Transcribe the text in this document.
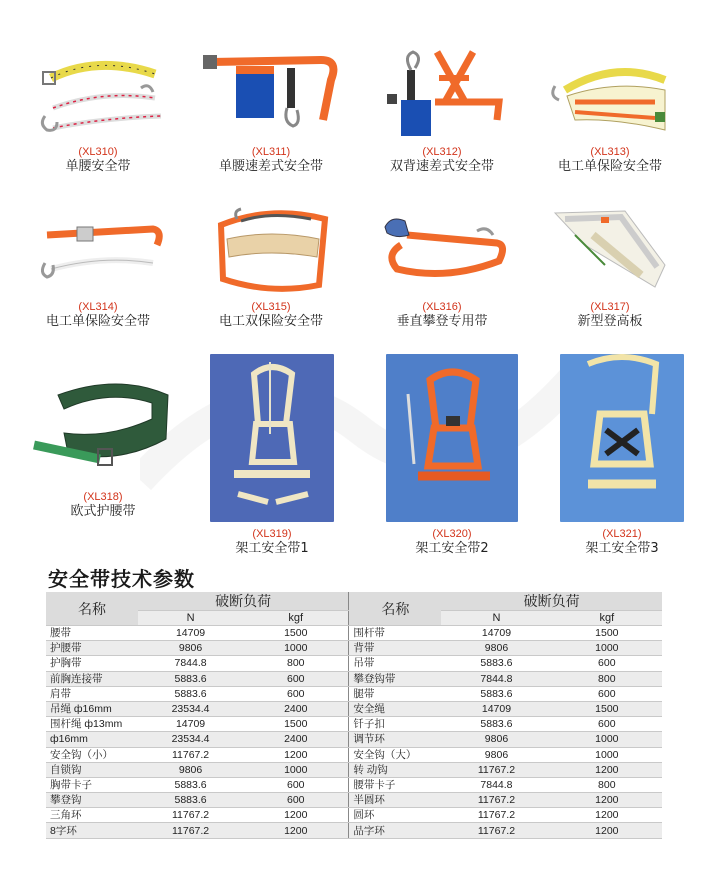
(XL310)
单腰安全带
(XL311)
单腰速差式安全带
(XL312)
双背速差式安全带
(XL313)
电工单保险安全带
(XL314)
电工单保险安全带
(XL315)
电工双保险安全带
(XL316)
垂直攀登专用带
(XL317)
新型登高板
(XL318)
欧式护腰带
(XL319)
架工安全带1
(XL320)
架工安全带2
(XL321)
架工安全带3
安全带技术参数
名称	破断负荷		名称	破断负荷	
	N	kgf		N	kgf
腰带	14709	1500	围杆带	14709	1500
护腰带	9806	1000	背带	9806	1000
护胸带	7844.8	800	吊带	5883.6	600
前胸连接带	5883.6	600	攀登钩带	7844.8	800
肩带	5883.6	600	腿带	5883.6	600
吊绳 ф16mm	23534.4	2400	安全绳	14709	1500
围杆绳 ф13mm	14709	1500	钎子扣	5883.6	600
ф16mm	23534.4	2400	调节环	9806	1000
安全钩（小）	11767.2	1200	安全钩（大）	9806	1000
自锁钩	9806	1000	转 动钩	11767.2	1200
胸带卡子	5883.6	600	腰带卡子	7844.8	800
攀登钩	5883.6	600	半圆环	11767.2	1200
三角环	11767.2	1200	圆环	11767.2	1200
8字环	11767.2	1200	品字环	11767.2	1200
